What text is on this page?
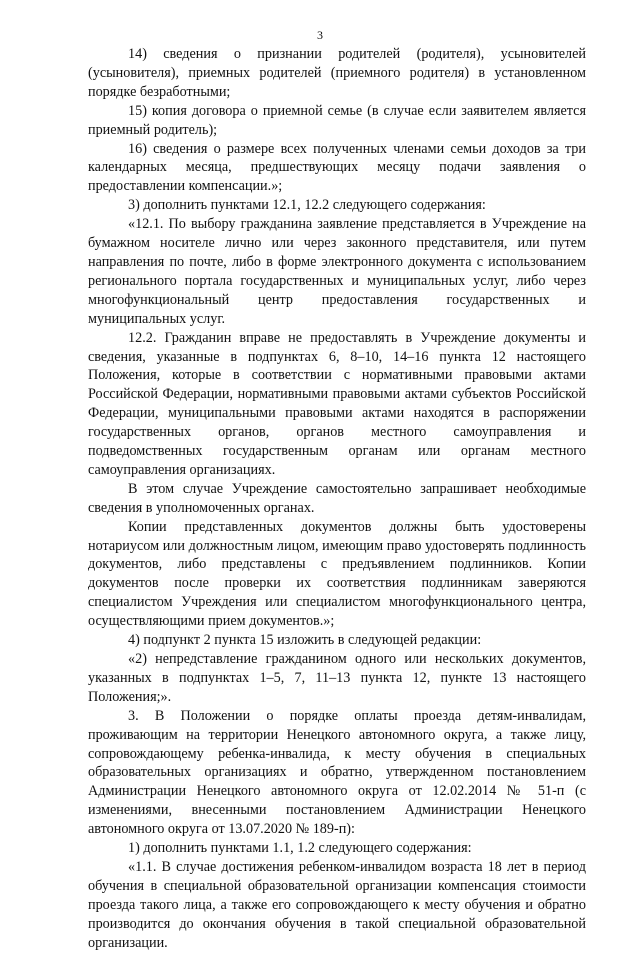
3

14) сведения о признании родителей (родителя), усыновителей (усыновителя), приемных родителей (приемного родителя) в установленном порядке безработными;

15) копия договора о приемной семье (в случае если заявителем является приемный родитель);

16) сведения о размере всех полученных членами семьи доходов за три календарных месяца, предшествующих месяцу подачи заявления о предоставлении компенсации.»;

3) дополнить пунктами 12.1, 12.2 следующего содержания:

«12.1. По выбору гражданина заявление представляется в Учреждение на бумажном носителе лично или через законного представителя, или путем направления по почте, либо в форме электронного документа с использованием регионального портала государственных и муниципальных услуг, либо через многофункциональный центр предоставления государственных и муниципальных услуг.

12.2. Гражданин вправе не предоставлять в Учреждение документы и сведения, указанные в подпунктах 6, 8–10, 14–16 пункта 12 настоящего Положения, которые в соответствии с нормативными правовыми актами Российской Федерации, нормативными правовыми актами субъектов Российской Федерации, муниципальными правовыми актами находятся в распоряжении государственных органов, органов местного самоуправления и подведомственных государственным органам или органам местного самоуправления организациях.

В этом случае Учреждение самостоятельно запрашивает необходимые сведения в уполномоченных органах.

Копии представленных документов должны быть удостоверены нотариусом или должностным лицом, имеющим право удостоверять подлинность документов, либо представлены с предъявлением подлинников. Копии документов после проверки их соответствия подлинникам заверяются специалистом Учреждения или специалистом многофункционального центра, осуществляющими прием документов.»;

4) подпункт 2 пункта 15 изложить в следующей редакции:

«2) непредставление гражданином одного или нескольких документов, указанных в подпунктах 1–5, 7, 11–13 пункта 12, пункте 13 настоящего Положения;».

3. В Положении о порядке оплаты проезда детям-инвалидам, проживающим на территории Ненецкого автономного округа, а также лицу, сопровождающему ребенка-инвалида, к месту обучения в специальных образовательных организациях и обратно, утвержденном постановлением Администрации Ненецкого автономного округа от 12.02.2014 № 51-п (с изменениями, внесенными постановлением Администрации Ненецкого автономного округа от 13.07.2020 № 189-п):

1) дополнить пунктами 1.1, 1.2 следующего содержания:

«1.1. В случае достижения ребенком-инвалидом возраста 18 лет в период обучения в специальной образовательной организации компенсация стоимости проезда такого лица, а также его сопровождающего к месту обучения и обратно производится до окончания обучения в такой специальной образовательной организации.
